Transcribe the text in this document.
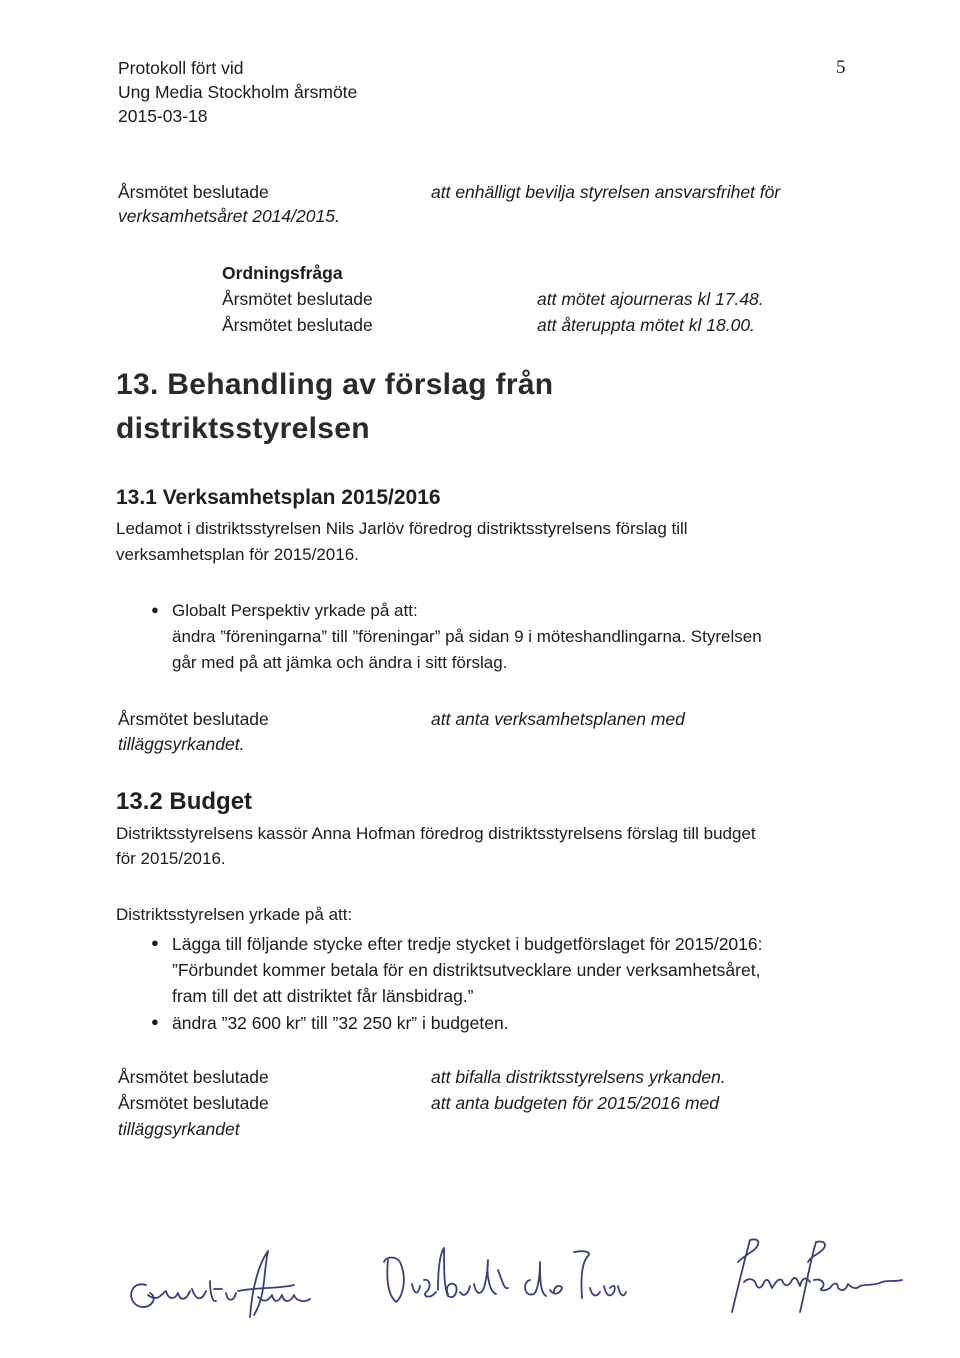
Protokoll fört vid
Ung Media Stockholm årsmöte
2015-03-18
5
Årsmötet beslutade	att enhälligt bevilja styrelsen ansvarsfrihet för
verksamhetsåret 2014/2015.
Ordningsfråga
Årsmötet beslutade	att mötet ajourneras kl 17.48.
Årsmötet beslutade	att återuppta mötet kl 18.00.
13. Behandling av förslag från
distriktsstyrelsen
13.1 Verksamhetsplan 2015/2016
Ledamot i distriktsstyrelsen Nils Jarlöv föredrog distriktsstyrelsens förslag till
verksamhetsplan för 2015/2016.
● Globalt Perspektiv yrkade på att:
ändra ”föreningarna” till ”föreningar” på sidan 9 i möteshandlingarna. Styrelsen
går med på att jämka och ändra i sitt förslag.
Årsmötet beslutade	att anta verksamhetsplanen med
tilläggsyrkandet.
13.2 Budget
Distriktsstyrelsens kassör Anna Hofman föredrog distriktsstyrelsens förslag till budget
för 2015/2016.
Distriktsstyrelsen yrkade på att:
● Lägga till följande stycke efter tredje stycket i budgetförslaget för 2015/2016:
”Förbundet kommer betala för en distriktsutvecklare under verksamhetsåret,
fram till det att distriktet får länsbidrag.”
● ändra ”32 600 kr” till ”32 250 kr” i budgeten.
Årsmötet beslutade	att bifalla distriktsstyrelsens yrkanden.
Årsmötet beslutade	att anta budgeten för 2015/2016 med
tilläggsyrkandet
